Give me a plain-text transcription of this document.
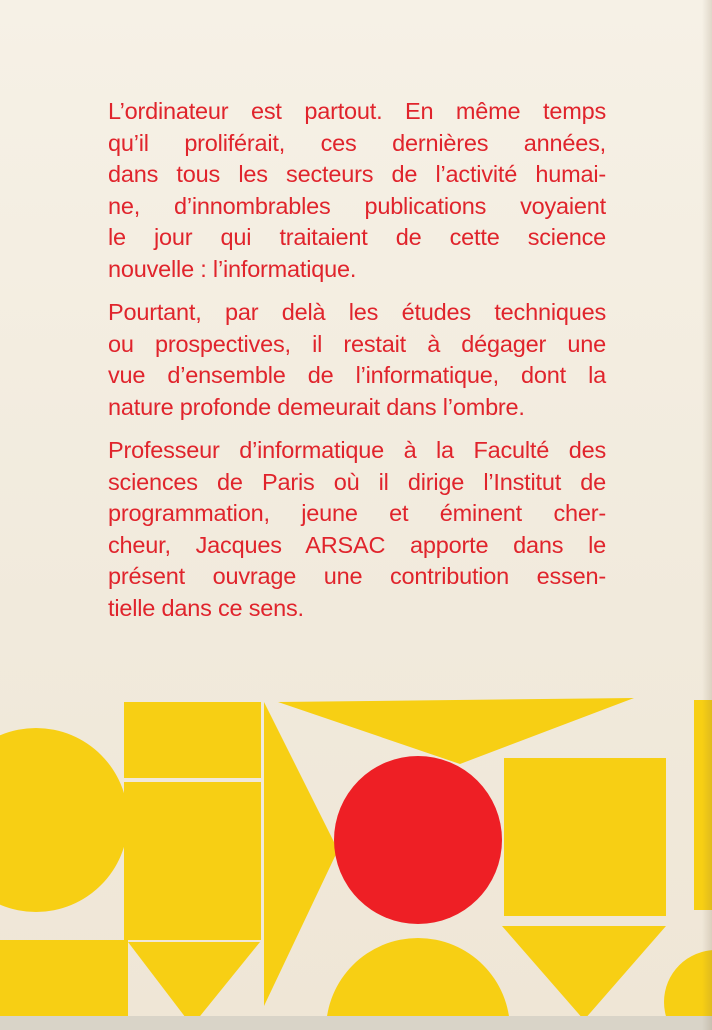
L’ordinateur est partout. En même temps
qu’il proliférait, ces dernières années,
dans tous les secteurs de l’activité humai-
ne, d’innombrables publications voyaient
le jour qui traitaient de cette science
nouvelle : l’informatique.

Pourtant, par delà les études techniques
ou prospectives, il restait à dégager une
vue d’ensemble de l’informatique, dont la
nature profonde demeurait dans l’ombre.

Professeur d’informatique à la Faculté des
sciences de Paris où il dirige l’Institut de
programmation, jeune et éminent cher-
cheur, Jacques ARSAC apporte dans le
présent ouvrage une contribution essen-
tielle dans ce sens.
